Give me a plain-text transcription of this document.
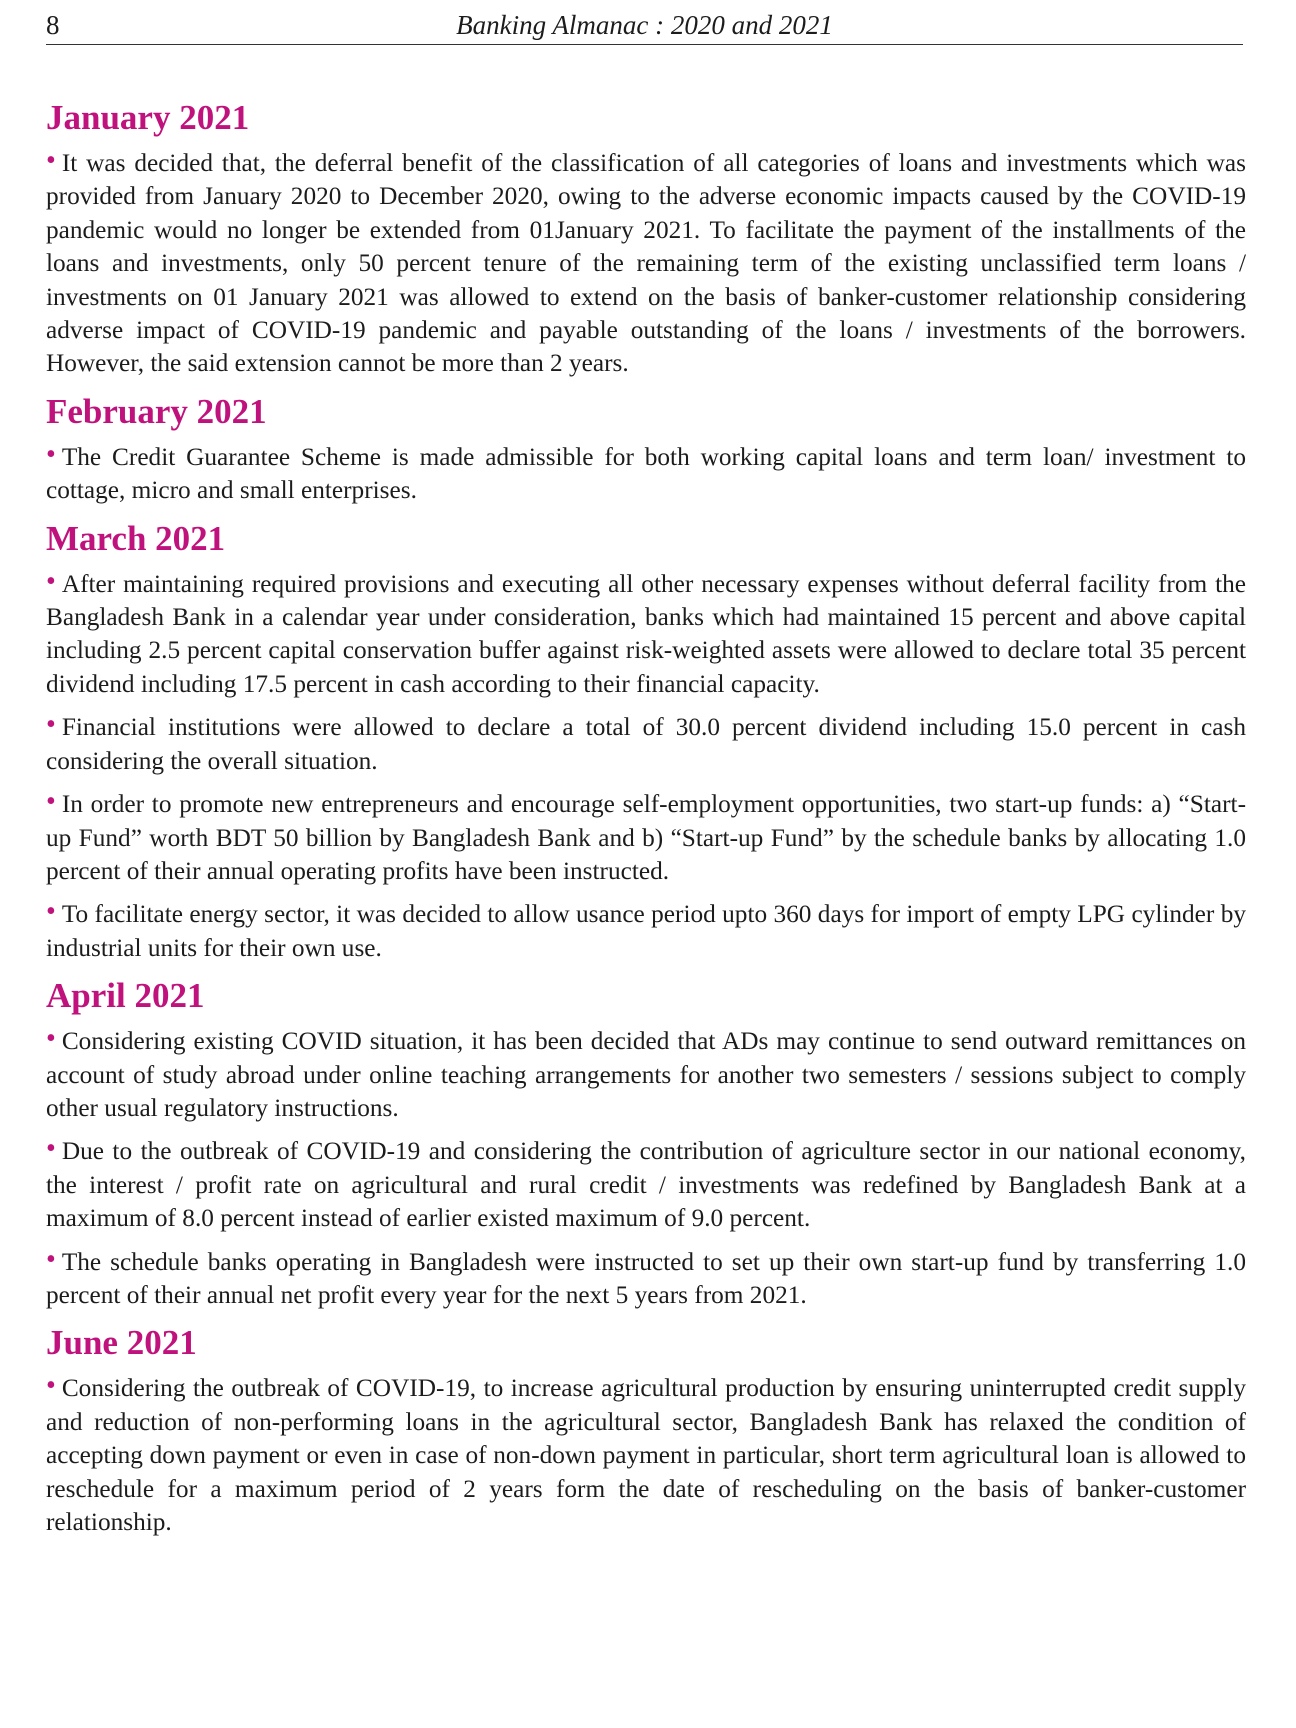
8	Banking Almanac : 2020 and 2021
January 2021

• It was decided that, the deferral benefit of the classification of all categories of loans and investments which was provided from January 2020 to December 2020, owing to the adverse economic impacts caused by the COVID-19 pandemic would no longer be extended from 01January 2021. To facilitate the payment of the installments of the loans and investments, only 50 percent tenure of the remaining term of the existing unclassified term loans / investments on 01 January 2021 was allowed to extend on the basis of banker-customer relationship considering adverse impact of COVID-19 pandemic and payable outstanding of the loans / investments of the borrowers. However, the said extension cannot be more than 2 years.

February 2021

• The Credit Guarantee Scheme is made admissible for both working capital loans and term loan/ investment to cottage, micro and small enterprises.

March 2021

• After maintaining required provisions and executing all other necessary expenses without deferral facility from the Bangladesh Bank in a calendar year under consideration, banks which had maintained 15 percent and above capital including 2.5 percent capital conservation buffer against risk-weighted assets were allowed to declare total 35 percent dividend including 17.5 percent in cash according to their financial capacity.

• Financial institutions were allowed to declare a total of 30.0 percent dividend including 15.0 percent in cash considering the overall situation.

• In order to promote new entrepreneurs and encourage self-employment opportunities, two start-up funds: a) “Start-up Fund” worth BDT 50 billion by Bangladesh Bank and b) “Start-up Fund” by the schedule banks by allocating 1.0 percent of their annual operating profits have been instructed.

• To facilitate energy sector, it was decided to allow usance period upto 360 days for import of empty LPG cylinder by industrial units for their own use.

April 2021

• Considering existing COVID situation, it has been decided that ADs may continue to send outward remittances on account of study abroad under online teaching arrangements for another two semesters / sessions subject to comply other usual regulatory instructions.

• Due to the outbreak of COVID-19 and considering the contribution of agriculture sector in our national economy, the interest / profit rate on agricultural and rural credit / investments was redefined by Bangladesh Bank at a maximum of 8.0 percent instead of earlier existed maximum of 9.0 percent.

• The schedule banks operating in Bangladesh were instructed to set up their own start-up fund by transferring 1.0 percent of their annual net profit every year for the next 5 years from 2021.

June 2021

• Considering the outbreak of COVID-19, to increase agricultural production by ensuring uninterrupted credit supply and reduction of non-performing loans in the agricultural sector, Bangladesh Bank has relaxed the condition of accepting down payment or even in case of non-down payment in particular, short term agricultural loan is allowed to reschedule for a maximum period of 2 years form the date of rescheduling on the basis of banker-customer relationship.
